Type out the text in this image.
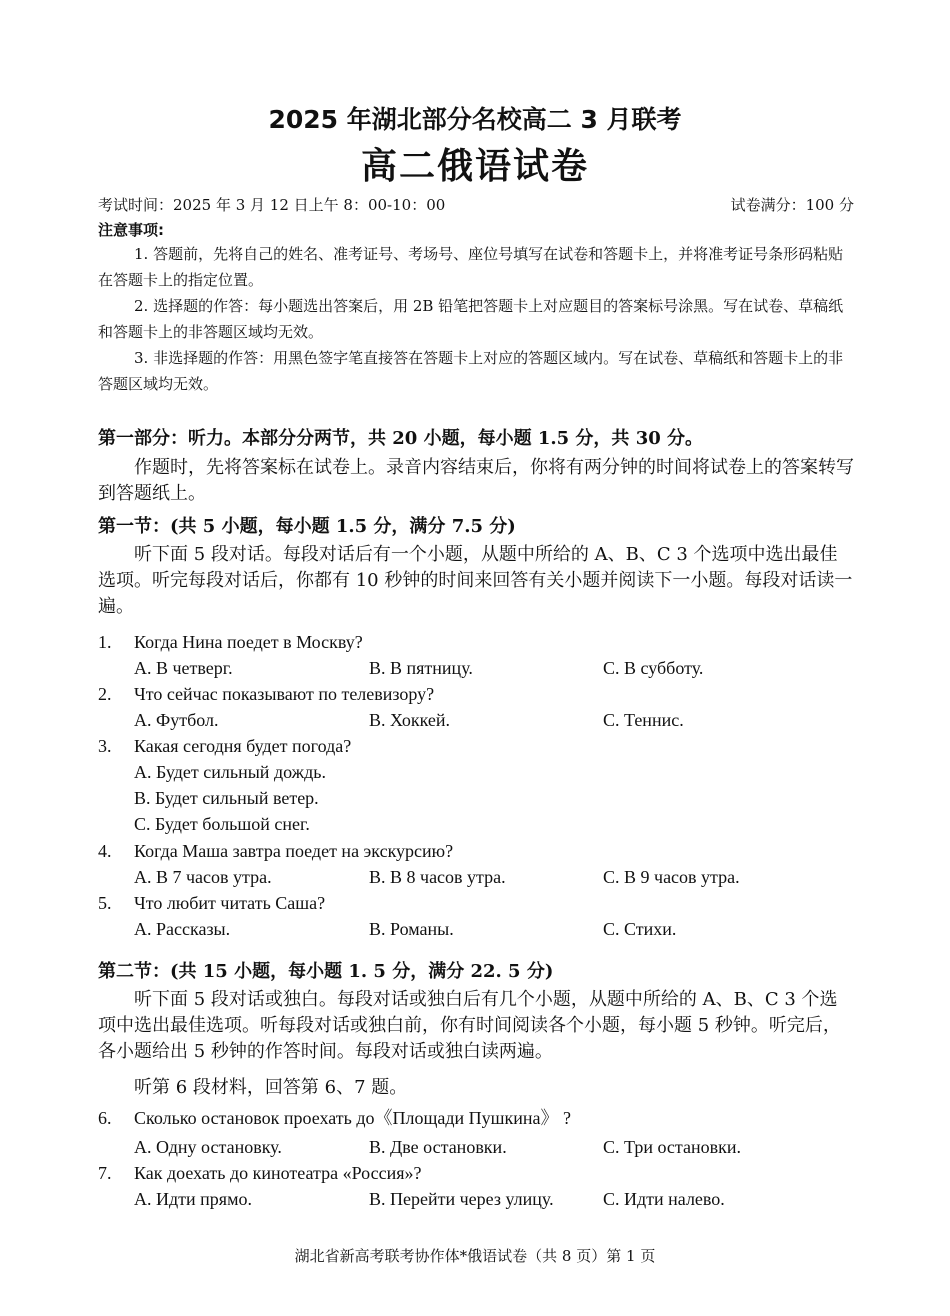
2025 年湖北部分名校高二 3 月联考
高二俄语试卷
考试时间：2025 年 3 月 12 日上午 8：00-10：00	试卷满分：100 分
注意事项:
1. 答题前，先将自己的姓名、准考证号、考场号、座位号填写在试卷和答题卡上，并将准考证号条形码粘贴在答题卡上的指定位置。
2. 选择题的作答：每小题选出答案后，用 2B 铅笔把答题卡上对应题目的答案标号涂黑。写在试卷、草稿纸和答题卡上的非答题区域均无效。
3. 非选择题的作答：用黑色签字笔直接答在答题卡上对应的答题区域内。写在试卷、草稿纸和答题卡上的非答题区域均无效。
第一部分：听力。本部分分两节，共 20 小题，每小题 1.5 分，共 30 分。
作题时，先将答案标在试卷上。录音内容结束后，你将有两分钟的时间将试卷上的答案转写到答题纸上。
第一节：(共 5 小题，每小题 1.5 分，满分 7.5 分)
听下面 5 段对话。每段对话后有一个小题，从题中所给的 A、B、C 3 个选项中选出最佳选项。听完每段对话后，你都有 10 秒钟的时间来回答有关小题并阅读下一小题。每段对话读一遍。
1. Когда Нина поедет в Москву?
A. В четверг.	B. В пятницу.	C. В субботу.
2. Что сейчас показывают по телевизору?
A. Футбол.	B. Хоккей.	C. Теннис.
3. Какая сегодня будет погода?
A. Будет сильный дождь.
B. Будет сильный ветер.
C. Будет большой снег.
4. Когда Маша завтра поедет на экскурсию?
A. В 7 часов утра.	B. В 8 часов утра.	C. В 9 часов утра.
5. Что любит читать Саша?
A. Рассказы.	B. Романы.	C. Стихи.
第二节：(共 15 小题，每小题 1. 5 分，满分 22. 5 分)
听下面 5 段对话或独白。每段对话或独白后有几个小题，从题中所给的 A、B、C 3 个选项中选出最佳选项。听每段对话或独白前，你有时间阅读各个小题，每小题 5 秒钟。听完后，各小题给出 5 秒钟的作答时间。每段对话或独白读两遍。
听第 6 段材料，回答第 6、7 题。
6. Сколько остановок проехать до《Площади Пушкина》 ?
A. Одну остановку.	B. Две остановки.	C. Три остановки.
7. Как доехать до кинотеатра «Россия»?
A. Идти прямо.	B. Перейти через улицу.	C. Идти налево.
湖北省新高考联考协作体*俄语试卷（共 8 页）第 1 页
